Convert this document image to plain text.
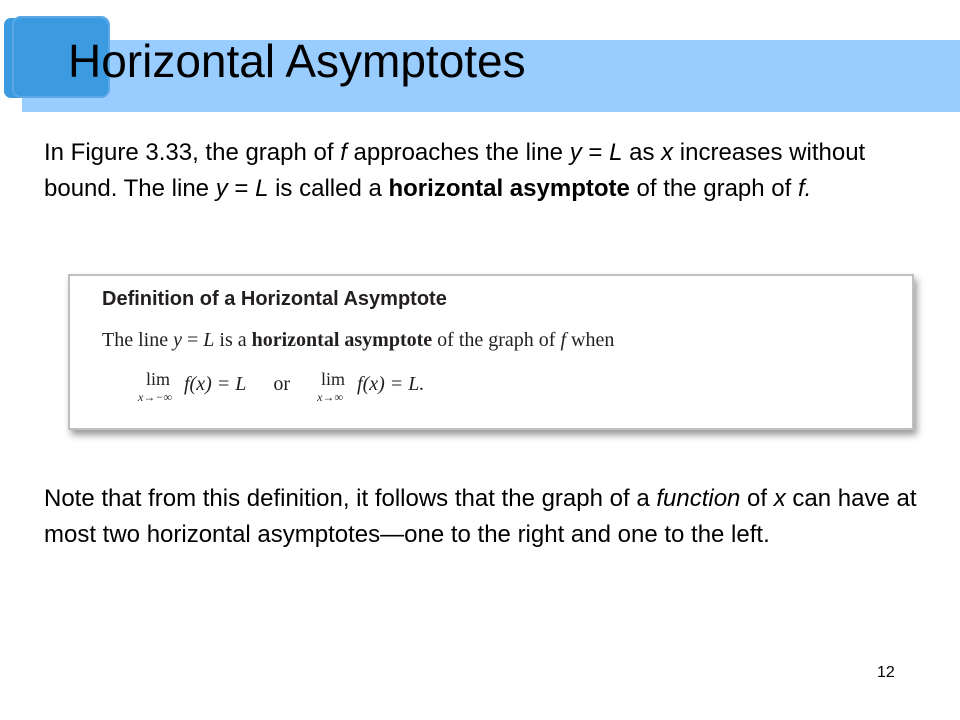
Horizontal Asymptotes

In Figure 3.33, the graph of f approaches the line y = L as x increases without bound. The line y = L is called a horizontal asymptote of the graph of f.

Definition of a Horizontal Asymptote
The line y = L is a horizontal asymptote of the graph of f when
lim
x→−∞
f(x) = L or lim
x→∞
f(x) = L.

Note that from this definition, it follows that the graph of a function of x can have at most two horizontal asymptotes—one to the right and one to the left.

12
